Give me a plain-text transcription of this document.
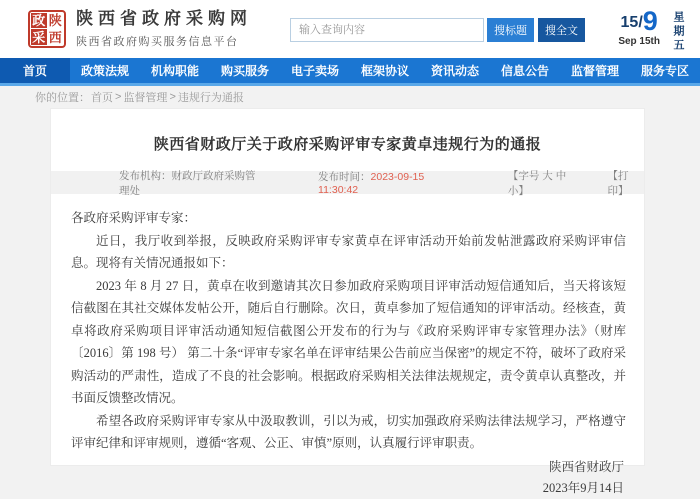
政 陕
采 西
陕西省政府采购网
陕西省政府购买服务信息平台
输入查询内容
搜标题	搜全文	15/ 9
Sep 15th 星期五
首页	政策法规	机构职能	购买服务	电子卖场	框架协议	资讯动态	信息公告	监督管理	服务专区
你的位置： 首页 > 监督管理 > 违规行为通报
陕西省财政厅关于政府采购评审专家黄卓违规行为的通报
发布机构：财政厅政府采购管理处
发布时间：2023-09-15 11:30:42
【字号 大 中 小】
【打印】

各政府采购评审专家：

近日，我厅收到举报，反映政府采购评审专家黄卓在评审活动开始前发帖泄露政府采购评审信息。现将有关情况通报如下：

2023 年 8 月 27 日，黄卓在收到邀请其次日参加政府采购项目评审活动短信通知后，当天将该短信截图在其社交媒体发帖公开，随后自行删除。次日，黄卓参加了短信通知的评审活动。经核查，黄卓将政府采购项目评审活动通知短信截图公开发布的行为与《政府采购评审专家管理办法》（财库〔2016〕第 198 号） 第二十条“评审专家名单在评审结果公告前应当保密”的规定不符，破坏了政府采购活动的严肃性，造成了不良的社会影响。根据政府采购相关法律法规规定，责令黄卓认真整改，并书面反馈整改情况。

希望各政府采购评审专家从中汲取教训，引以为戒，切实加强政府采购法律法规学习，严格遵守评审纪律和评审规则，遵循“客观、公正、审慎”原则，认真履行评审职责。

陕西省财政厅
2023年9月14日
